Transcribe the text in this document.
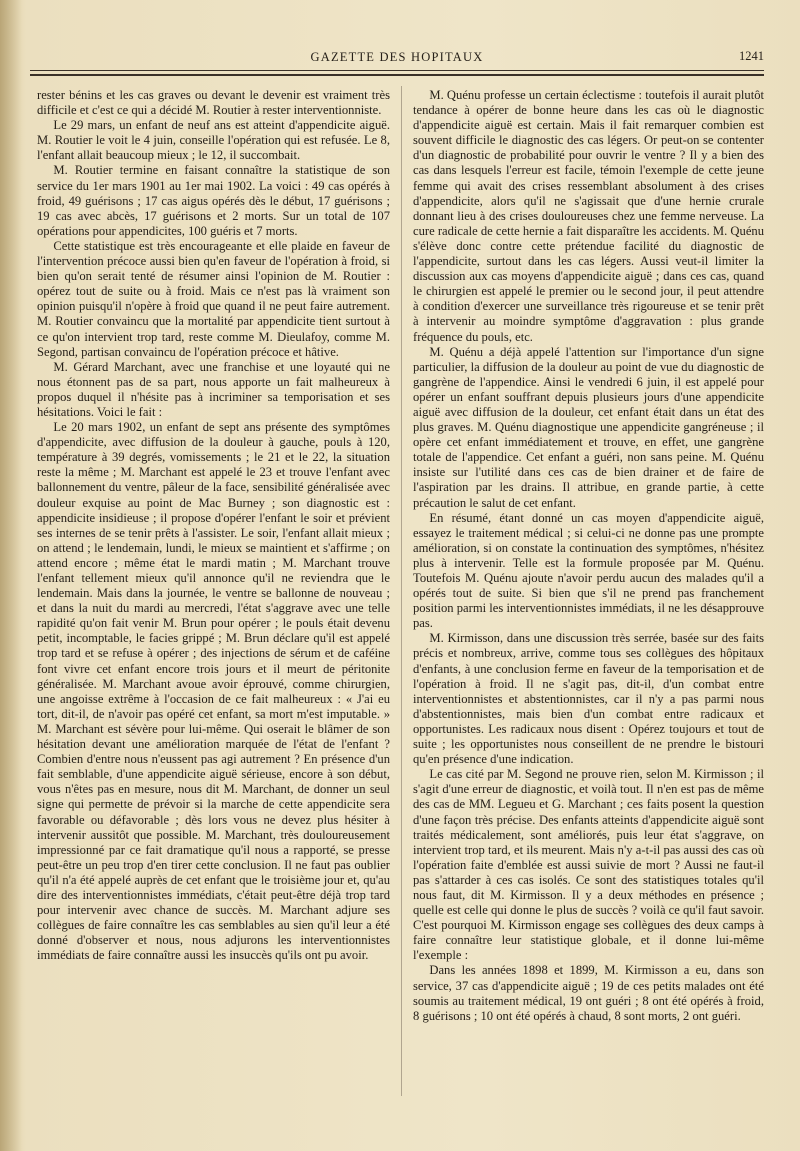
GAZETTE DES HOPITAUX	1241

rester bénins et les cas graves ou devant le devenir est vraiment très difficile et c'est ce qui a décidé M. Routier à rester interventionniste.

Le 29 mars, un enfant de neuf ans est atteint d'appendicite aiguë. M. Routier le voit le 4 juin, conseille l'opération qui est refusée. Le 8, l'enfant allait beaucoup mieux ; le 12, il succombait.

M. Routier termine en faisant connaître la statistique de son service du 1er mars 1901 au 1er mai 1902. La voici : 49 cas opérés à froid, 49 guérisons ; 17 cas aigus opérés dès le début, 17 guérisons ; 19 cas avec abcès, 17 guérisons et 2 morts. Sur un total de 107 opérations pour appendicites, 100 guéris et 7 morts.

Cette statistique est très encourageante et elle plaide en faveur de l'intervention précoce aussi bien qu'en faveur de l'opération à froid, si bien qu'on serait tenté de résumer ainsi l'opinion de M. Routier : opérez tout de suite ou à froid. Mais ce n'est pas là vraiment son opinion puisqu'il n'opère à froid que quand il ne peut faire autrement. M. Routier convaincu que la mortalité par appendicite tient surtout à ce qu'on intervient trop tard, reste comme M. Dieulafoy, comme M. Segond, partisan convaincu de l'opération précoce et hâtive.

M. Gérard Marchant, avec une franchise et une loyauté qui ne nous étonnent pas de sa part, nous apporte un fait malheureux à propos duquel il n'hésite pas à incriminer sa temporisation et ses hésitations. Voici le fait :

Le 20 mars 1902, un enfant de sept ans présente des symptômes d'appendicite, avec diffusion de la douleur à gauche, pouls à 120, température à 39 degrés, vomissements ; le 21 et le 22, la situation reste la même ; M. Marchant est appelé le 23 et trouve l'enfant avec ballonnement du ventre, pâleur de la face, sensibilité généralisée avec douleur exquise au point de Mac Burney ; son diagnostic est : appendicite insidieuse ; il propose d'opérer l'enfant le soir et prévient ses internes de se tenir prêts à l'assister. Le soir, l'enfant allait mieux ; on attend ; le lendemain, lundi, le mieux se maintient et s'affirme ; on attend encore ; même état le mardi matin ; M. Marchant trouve l'enfant tellement mieux qu'il annonce qu'il ne reviendra que le lendemain. Mais dans la journée, le ventre se ballonne de nouveau ; et dans la nuit du mardi au mercredi, l'état s'aggrave avec une telle rapidité qu'on fait venir M. Brun pour opérer ; le pouls était devenu petit, incomptable, le facies grippé ; M. Brun déclare qu'il est appelé trop tard et se refuse à opérer ; des injections de sérum et de caféine font vivre cet enfant encore trois jours et il meurt de péritonite généralisée. M. Marchant avoue avoir éprouvé, comme chirurgien, une angoisse extrême à l'occasion de ce fait malheureux : « J'ai eu tort, dit-il, de n'avoir pas opéré cet enfant, sa mort m'est imputable. » M. Marchant est sévère pour lui-même. Qui oserait le blâmer de son hésitation devant une amélioration marquée de l'état de l'enfant ? Combien d'entre nous n'eussent pas agi autrement ? En présence d'un fait semblable, d'une appendicite aiguë sérieuse, encore à son début, vous n'êtes pas en mesure, nous dit M. Marchant, de donner un seul signe qui permette de prévoir si la marche de cette appendicite sera favorable ou défavorable ; dès lors vous ne devez plus hésiter à intervenir aussitôt que possible. M. Marchant, très douloureusement impressionné par ce fait dramatique qu'il nous a rapporté, se presse peut-être un peu trop d'en tirer cette conclusion. Il ne faut pas oublier qu'il n'a été appelé auprès de cet enfant que le troisième jour et, qu'au dire des interventionnistes immédiats, c'était peut-être déjà trop tard pour intervenir avec chance de succès. M. Marchant adjure ses collègues de faire connaître les cas semblables au sien qu'il leur a été donné d'observer et nous, nous adjurons les interventionnistes immédiats de faire connaître aussi les insuccès qu'ils ont pu avoir.

M. Quénu professe un certain éclectisme : toutefois il aurait plutôt tendance à opérer de bonne heure dans les cas où le diagnostic d'appendicite aiguë est certain. Mais il fait remarquer combien est souvent difficile le diagnostic des cas légers. Or peut-on se contenter d'un diagnostic de probabilité pour ouvrir le ventre ? Il y a bien des cas dans lesquels l'erreur est facile, témoin l'exemple de cette jeune femme qui avait des crises ressemblant absolument à des crises d'appendicite, alors qu'il ne s'agissait que d'une hernie crurale donnant lieu à des crises douloureuses chez une femme nerveuse. La cure radicale de cette hernie a fait disparaître les accidents. M. Quénu s'élève donc contre cette prétendue facilité du diagnostic de l'appendicite, surtout dans les cas légers. Aussi veut-il limiter la discussion aux cas moyens d'appendicite aiguë ; dans ces cas, quand le chirurgien est appelé le premier ou le second jour, il peut attendre à condition d'exercer une surveillance très rigoureuse et se tenir prêt à intervenir au moindre symptôme d'aggravation : plus grande fréquence du pouls, etc.

M. Quénu a déjà appelé l'attention sur l'importance d'un signe particulier, la diffusion de la douleur au point de vue du diagnostic de gangrène de l'appendice. Ainsi le vendredi 6 juin, il est appelé pour opérer un enfant souffrant depuis plusieurs jours d'une appendicite aiguë avec diffusion de la douleur, cet enfant était dans un état des plus graves. M. Quénu diagnostique une appendicite gangréneuse ; il opère cet enfant immédiatement et trouve, en effet, une gangrène totale de l'appendice. Cet enfant a guéri, non sans peine. M. Quénu insiste sur l'utilité dans ces cas de bien drainer et de faire de l'aspiration par les drains. Il attribue, en grande partie, à cette précaution le salut de cet enfant.

En résumé, étant donné un cas moyen d'appendicite aiguë, essayez le traitement médical ; si celui-ci ne donne pas une prompte amélioration, si on constate la continuation des symptômes, n'hésitez plus à intervenir. Telle est la formule proposée par M. Quénu. Toutefois M. Quénu ajoute n'avoir perdu aucun des malades qu'il a opérés tout de suite. Si bien que s'il ne prend pas franchement position parmi les interventionnistes immédiats, il ne les désapprouve pas.

M. Kirmisson, dans une discussion très serrée, basée sur des faits précis et nombreux, arrive, comme tous ses collègues des hôpitaux d'enfants, à une conclusion ferme en faveur de la temporisation et de l'opération à froid. Il ne s'agit pas, dit-il, d'un combat entre interventionnistes et abstentionnistes, car il n'y a pas parmi nous d'abstentionnistes, mais bien d'un combat entre radicaux et opportunistes. Les radicaux nous disent : Opérez toujours et tout de suite ; les opportunistes nous conseillent de ne prendre le bistouri qu'en présence d'une indication.

Le cas cité par M. Segond ne prouve rien, selon M. Kirmisson ; il s'agit d'une erreur de diagnostic, et voilà tout. Il n'en est pas de même des cas de MM. Legueu et G. Marchant ; ces faits posent la question d'une façon très précise. Des enfants atteints d'appendicite aiguë sont traités médicalement, sont améliorés, puis leur état s'aggrave, on intervient trop tard, et ils meurent. Mais n'y a-t-il pas aussi des cas où l'opération faite d'emblée est aussi suivie de mort ? Aussi ne faut-il pas s'attarder à ces cas isolés. Ce sont des statistiques totales qu'il nous faut, dit M. Kirmisson. Il y a deux méthodes en présence ; quelle est celle qui donne le plus de succès ? voilà ce qu'il faut savoir. C'est pourquoi M. Kirmisson engage ses collègues des deux camps à faire connaître leur statistique globale, et il donne lui-même l'exemple :

Dans les années 1898 et 1899, M. Kirmisson a eu, dans son service, 37 cas d'appendicite aiguë ; 19 de ces petits malades ont été soumis au traitement médical, 19 ont guéri ; 8 ont été opérés à froid, 8 guérisons ; 10 ont été opérés à chaud, 8 sont morts, 2 ont guéri.
